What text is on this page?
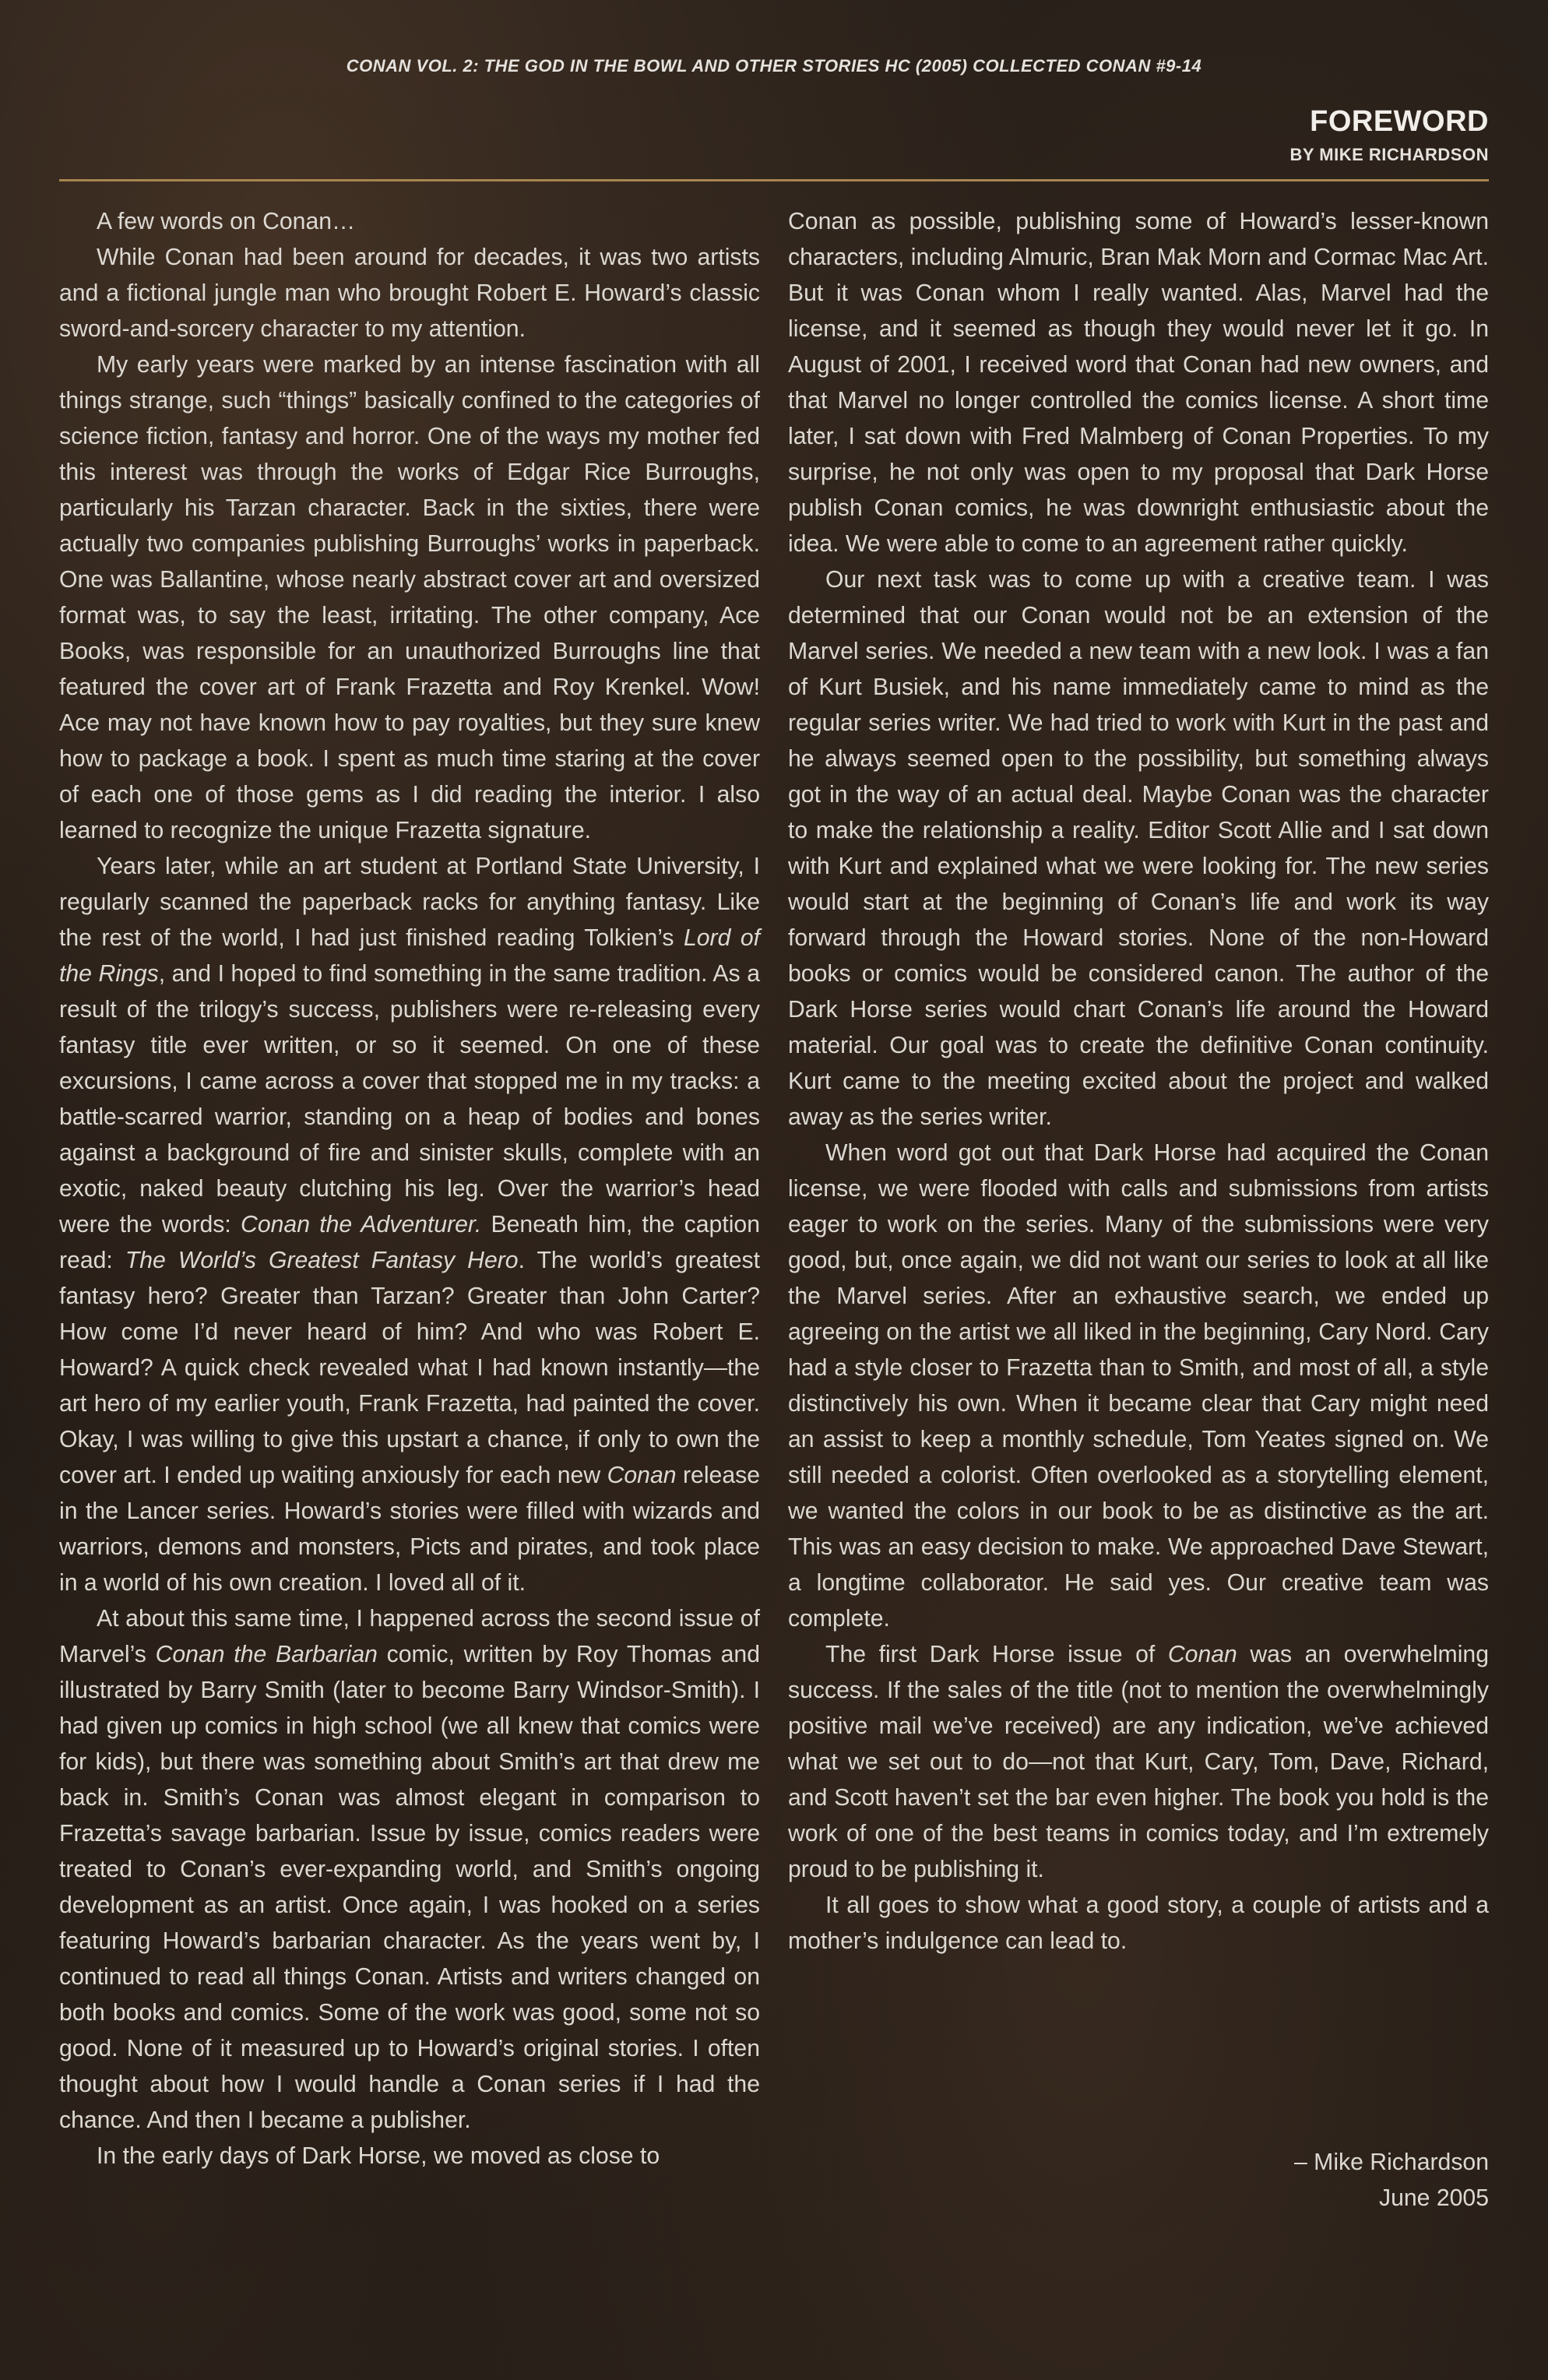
CONAN VOL. 2: THE GOD IN THE BOWL AND OTHER STORIES HC (2005) COLLECTED CONAN #9-14
FOREWORD
BY MIKE RICHARDSON

A few words on Conan…

While Conan had been around for decades, it was two artists and a fictional jungle man who brought Robert E. Howard’s classic sword-and-sorcery character to my attention.

My early years were marked by an intense fascination with all things strange, such “things” basically confined to the categories of science fiction, fantasy and horror. One of the ways my mother fed this interest was through the works of Edgar Rice Burroughs, particularly his Tarzan character. Back in the sixties, there were actually two companies publishing Burroughs’ works in paperback. One was Ballantine, whose nearly abstract cover art and oversized format was, to say the least, irritating. The other company, Ace Books, was responsible for an unauthorized Burroughs line that featured the cover art of Frank Frazetta and Roy Krenkel. Wow! Ace may not have known how to pay royalties, but they sure knew how to package a book. I spent as much time staring at the cover of each one of those gems as I did reading the interior. I also learned to recognize the unique Frazetta signature.

Years later, while an art student at Portland State University, I regularly scanned the paperback racks for anything fantasy. Like the rest of the world, I had just finished reading Tolkien’s Lord of the Rings, and I hoped to find something in the same tradition. As a result of the trilogy’s success, publishers were re-releasing every fantasy title ever written, or so it seemed. On one of these excursions, I came across a cover that stopped me in my tracks: a battle-scarred warrior, standing on a heap of bodies and bones against a background of fire and sinister skulls, complete with an exotic, naked beauty clutching his leg. Over the warrior’s head were the words: Conan the Adventurer. Beneath him, the caption read: The World’s Greatest Fantasy Hero. The world’s greatest fantasy hero? Greater than Tarzan? Greater than John Carter? How come I’d never heard of him? And who was Robert E. Howard? A quick check revealed what I had known instantly—the art hero of my earlier youth, Frank Frazetta, had painted the cover. Okay, I was willing to give this upstart a chance, if only to own the cover art. I ended up waiting anxiously for each new Conan release in the Lancer series. Howard’s stories were filled with wizards and warriors, demons and monsters, Picts and pirates, and took place in a world of his own creation. I loved all of it.

At about this same time, I happened across the second issue of Marvel’s Conan the Barbarian comic, written by Roy Thomas and illustrated by Barry Smith (later to become Barry Windsor-Smith). I had given up comics in high school (we all knew that comics were for kids), but there was something about Smith’s art that drew me back in. Smith’s Conan was almost elegant in comparison to Frazetta’s savage barbarian. Issue by issue, comics readers were treated to Conan’s ever-expanding world, and Smith’s ongoing development as an artist. Once again, I was hooked on a series featuring Howard’s barbarian character. As the years went by, I continued to read all things Conan. Artists and writers changed on both books and comics. Some of the work was good, some not so good. None of it measured up to Howard’s original stories. I often thought about how I would handle a Conan series if I had the chance. And then I became a publisher.

In the early days of Dark Horse, we moved as close to

Conan as possible, publishing some of Howard’s lesser-known characters, including Almuric, Bran Mak Morn and Cormac Mac Art. But it was Conan whom I really wanted. Alas, Marvel had the license, and it seemed as though they would never let it go. In August of 2001, I received word that Conan had new owners, and that Marvel no longer controlled the comics license. A short time later, I sat down with Fred Malmberg of Conan Properties. To my surprise, he not only was open to my proposal that Dark Horse publish Conan comics, he was downright enthusiastic about the idea. We were able to come to an agreement rather quickly.

Our next task was to come up with a creative team. I was determined that our Conan would not be an extension of the Marvel series. We needed a new team with a new look. I was a fan of Kurt Busiek, and his name immediately came to mind as the regular series writer. We had tried to work with Kurt in the past and he always seemed open to the possibility, but something always got in the way of an actual deal. Maybe Conan was the character to make the relationship a reality. Editor Scott Allie and I sat down with Kurt and explained what we were looking for. The new series would start at the beginning of Conan’s life and work its way forward through the Howard stories. None of the non-Howard books or comics would be considered canon. The author of the Dark Horse series would chart Conan’s life around the Howard material. Our goal was to create the definitive Conan continuity. Kurt came to the meeting excited about the project and walked away as the series writer.

When word got out that Dark Horse had acquired the Conan license, we were flooded with calls and submissions from artists eager to work on the series. Many of the submissions were very good, but, once again, we did not want our series to look at all like the Marvel series. After an exhaustive search, we ended up agreeing on the artist we all liked in the beginning, Cary Nord. Cary had a style closer to Frazetta than to Smith, and most of all, a style distinctively his own. When it became clear that Cary might need an assist to keep a monthly schedule, Tom Yeates signed on. We still needed a colorist. Often overlooked as a storytelling element, we wanted the colors in our book to be as distinctive as the art. This was an easy decision to make. We approached Dave Stewart, a longtime collaborator. He said yes. Our creative team was complete.

The first Dark Horse issue of Conan was an overwhelming success. If the sales of the title (not to mention the overwhelmingly positive mail we’ve received) are any indication, we’ve achieved what we set out to do—not that Kurt, Cary, Tom, Dave, Richard, and Scott haven’t set the bar even higher. The book you hold is the work of one of the best teams in comics today, and I’m extremely proud to be publishing it.

It all goes to show what a good story, a couple of artists and a mother’s indulgence can lead to.

– Mike Richardson
June 2005
